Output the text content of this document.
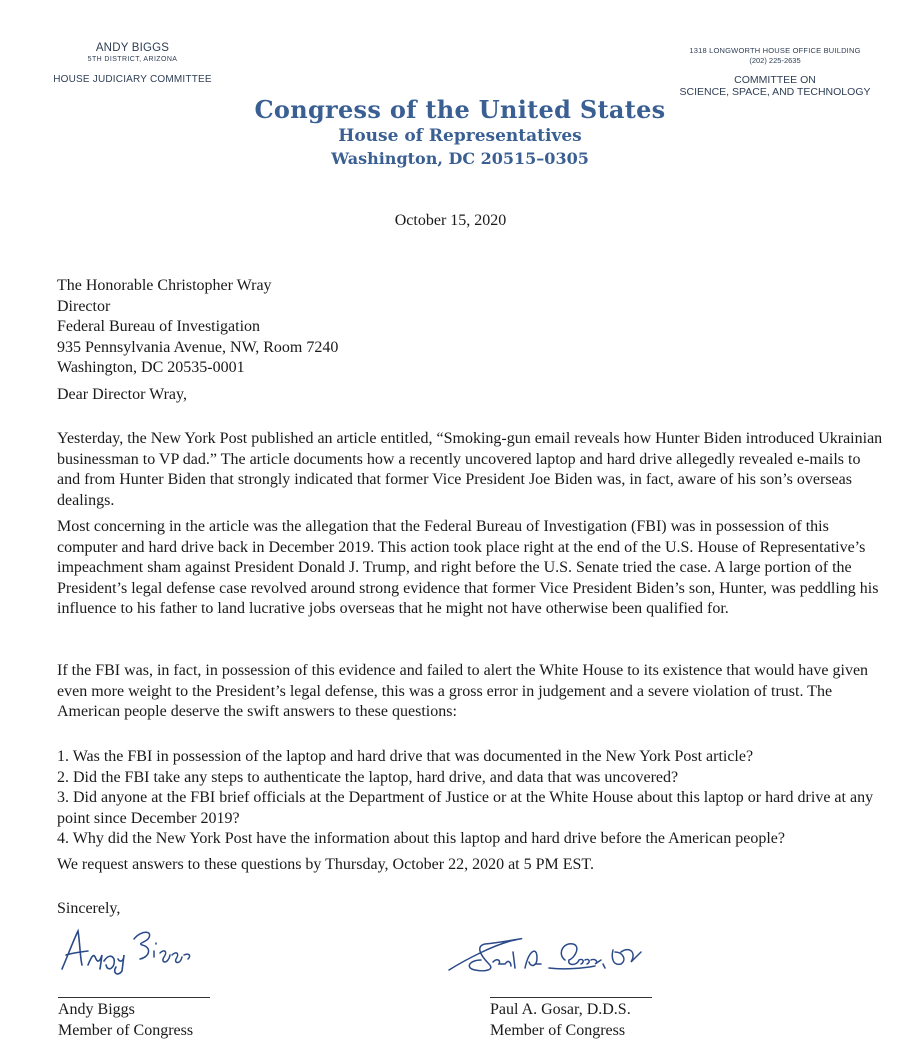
ANDY BIGGS
5TH DISTRICT, ARIZONA
HOUSE JUDICIARY COMMITTEE
1318 LONGWORTH HOUSE OFFICE BUILDING
(202) 225-2635
COMMITTEE ON
SCIENCE, SPACE, AND TECHNOLOGY
Congress of the United States
House of Representatives
Washington, DC 20515–0305
October 15, 2020
The Honorable Christopher Wray
Director
Federal Bureau of Investigation
935 Pennsylvania Avenue, NW, Room 7240
Washington, DC 20535-0001
Dear Director Wray,

Yesterday, the New York Post published an article entitled, “Smoking-gun email reveals how Hunter Biden introduced Ukrainian businessman to VP dad.” The article documents how a recently uncovered laptop and hard drive allegedly revealed e-mails to and from Hunter Biden that strongly indicated that former Vice President Joe Biden was, in fact, aware of his son’s overseas dealings.

Most concerning in the article was the allegation that the Federal Bureau of Investigation (FBI) was in possession of this computer and hard drive back in December 2019. This action took place right at the end of the U.S. House of Representative’s impeachment sham against President Donald J. Trump, and right before the U.S. Senate tried the case. A large portion of the President’s legal defense case revolved around strong evidence that former Vice President Biden’s son, Hunter, was peddling his influence to his father to land lucrative jobs overseas that he might not have otherwise been qualified for.

If the FBI was, in fact, in possession of this evidence and failed to alert the White House to its existence that would have given even more weight to the President’s legal defense, this was a gross error in judgement and a severe violation of trust. The American people deserve the swift answers to these questions:

1. Was the FBI in possession of the laptop and hard drive that was documented in the New York Post article?
2. Did the FBI take any steps to authenticate the laptop, hard drive, and data that was uncovered?
3. Did anyone at the FBI brief officials at the Department of Justice or at the White House about this laptop or hard drive at any point since December 2019?
4. Why did the New York Post have the information about this laptop and hard drive before the American people?
We request answers to these questions by Thursday, October 22, 2020 at 5 PM EST.
Sincerely,
Andy Biggs
Member of Congress
Paul A. Gosar, D.D.S.
Member of Congress
